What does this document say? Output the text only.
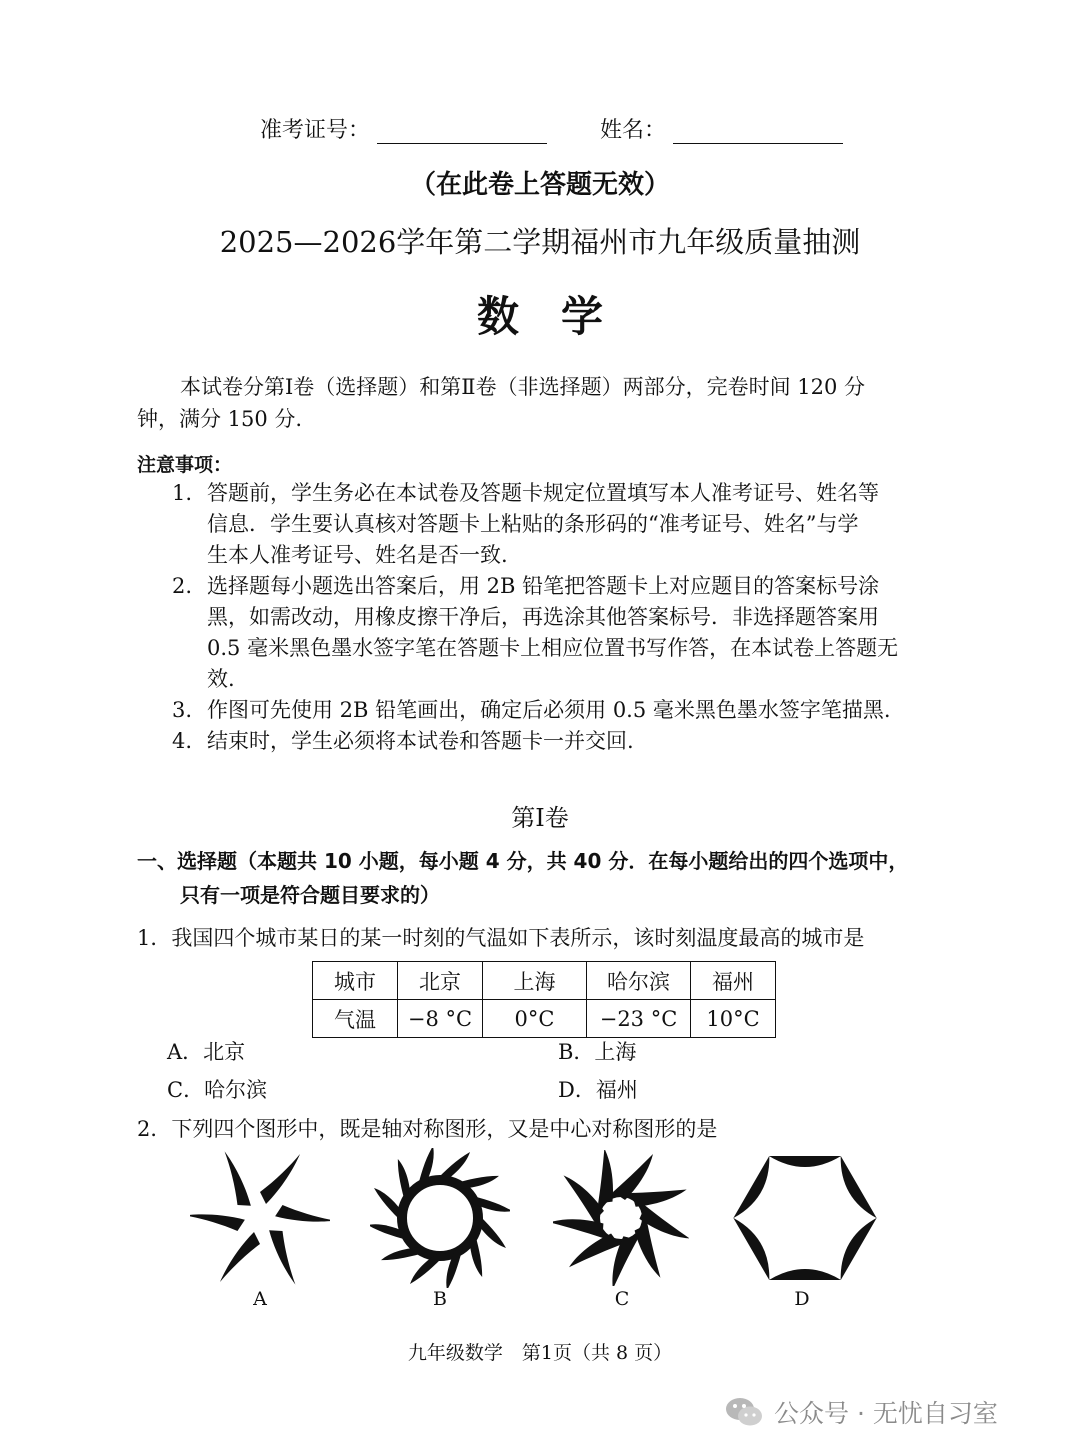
准考证号：	姓名：
（在此卷上答题无效）
2025—2026学年第二学期福州市九年级质量抽测
数　学
本试卷分第Ⅰ卷（选择题）和第Ⅱ卷（非选择题）两部分，完卷时间 120 分
钟，满分 150 分.
注意事项：
1. 答题前，学生务必在本试卷及答题卡规定位置填写本人准考证号、姓名等
信息．学生要认真核对答题卡上粘贴的条形码的“准考证号、姓名”与学
生本人准考证号、姓名是否一致.
2. 选择题每小题选出答案后，用 2B 铅笔把答题卡上对应题目的答案标号涂
黑，如需改动，用橡皮擦干净后，再选涂其他答案标号．非选择题答案用
0.5 毫米黑色墨水签字笔在答题卡上相应位置书写作答，在本试卷上答题无
效.
3. 作图可先使用 2B 铅笔画出，确定后必须用 0.5 毫米黑色墨水签字笔描黑.
4. 结束时，学生必须将本试卷和答题卡一并交回.
第Ⅰ卷
一、选择题（本题共 10 小题，每小题 4 分，共 40 分．在每小题给出的四个选项中，
只有一项是符合题目要求的）
1．我国四个城市某日的某一时刻的气温如下表所示，该时刻温度最高的城市是
城市	北京	上海	哈尔滨	福州
气温	−8 °C	0°C	−23 °C	10°C
A．北京	B．上海
C．哈尔滨	D．福州
2．下列四个图形中，既是轴对称图形，又是中心对称图形的是
A	B	C	D
九年级数学　第1页（共 8 页）
公众号 · 无忧自习室
